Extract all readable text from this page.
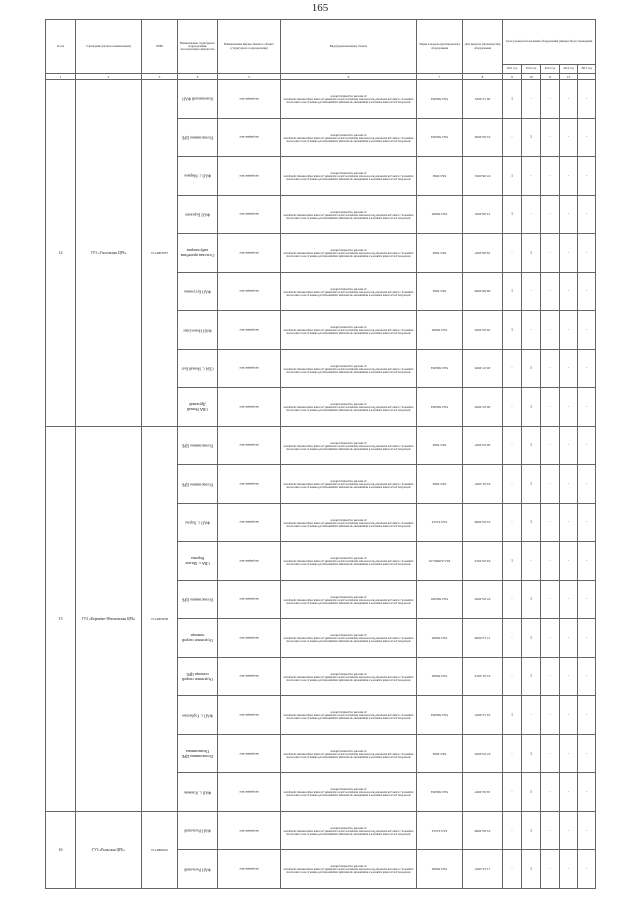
165
№ п/п	Учреждение (полное наименование)	ИНН	Наименование структурного подразделения, использующего имущество	Наименование имущественного объекта (структурного подразделения)	Вид (предназначение) объекта	Марка и модель (производитель) оборудования	Дата выпуска (производства) оборудования	Срок (сроки) использования оборудования (имущества) в учреждении				
								2011 год	2012 год	2013 год	2014 год	2015 год
1	2	3	4	5	6	7	8	9	10	11	12	
14	ГУЗ «Ухоловская ЦРБ»	7214003057	Ключевской ФАП	медицинское	автомобиль для доставки пациентов в медицинские организации, медицинских работников до места жительства пациентов, а также для перевозки биологических материалов для исследований, доставки лекарственных препаратов до жителей отдаленных районов	УАЗ 396294	20.12.2001	1	-	-	-	-

			Поликлиника ЦРБ	медицинское	автомобиль для доставки пациентов в медицинские организации, медицинских работников до места жительства пациентов, а также для перевозки биологических материалов для исследований, доставки лекарственных препаратов до жителей отдаленных районов	УАЗ 396294	25.04.2002	-	1	-	-	-

			ФАП с. Мирное	медицинское	автомобиль для доставки пациентов в медицинские организации, медицинских работников до места жительства пациентов, а также для перевозки биологических материалов для исследований, доставки лекарственных препаратов до жителей отдаленных районов	УАЗ 3962	07.08.2001	1	-	-	-	-

			ФАП Березово	медицинское	автомобиль для доставки пациентов в медицинские организации, медицинских работников до места жительства пациентов, а также для перевозки биологических материалов для исследований, доставки лекарственных препаратов до жителей отдаленных районов	УАЗ 39629	15.06.2001	1	-	-	-	-

			Сельская врачебная амбулатория	медицинское	автомобиль для доставки пациентов в медицинские организации, медицинских работников до места жительства пациентов, а также для перевозки биологических материалов для исследований, доставки лекарственных препаратов до жителей отдаленных районов	УАЗ 3962	19.06.2007	-	1	-	-	-

			ФАП Бугулевка	медицинское	автомобиль для доставки пациентов в медицинские организации, медицинских работников до места жительства пациентов, а также для перевозки биологических материалов для исследований, доставки лекарственных препаратов до жителей отдаленных районов	УАЗ 3962	08.08.2000	1	-	-	-	-

			ФАП Новосёлки	медицинское	автомобиль для доставки пациентов в медицинские организации, медицинских работников до места жительства пациентов, а также для перевозки биологических материалов для исследований, доставки лекарственных препаратов до жителей отдаленных районов	УАЗ 39629	10.05.2003	1	-	-	-	-

			СВА с. Новый Быт	медицинское	автомобиль для доставки пациентов в медицинские организации, медицинских работников до места жительства пациентов, а также для перевозки биологических материалов для исследований, доставки лекарственных препаратов до жителей отдаленных районов	УАЗ 396294	20.07.2005	-	1	-	-	-

			СВА Новый Дружный	медицинское	автомобиль для доставки пациентов в медицинские организации, медицинских работников до места жительства пациентов, а также для перевозки биологических материалов для исследований, доставки лекарственных препаратов до жителей отдаленных районов	УАЗ 396294	20.07.2005	-	1	-	-	-
15	ГУЗ «Коренёво-Яблоновская ЦРБ»	7214003058	Поликлиника ЦРБ	медицинское	автомобиль для доставки пациентов в медицинские организации, медицинских работников до места жительства пациентов, а также для перевозки биологических материалов для исследований, доставки лекарственных препаратов до жителей отдаленных районов	УАЗ 3962	20.03.2007	-	1	-	-	-

			Поликлиника ЦРБ	медицинское	автомобиль для доставки пациентов в медицинские организации, медицинских работников до места жительства пациентов, а также для перевозки биологических материалов для исследований, доставки лекарственных препаратов до жителей отдаленных районов	УАЗ 3962	22.01.2007	-	1	-	-	-

			ФАП с. Хорлы	медицинское	автомобиль для доставки пациентов в медицинские организации, медицинских работников до места жительства пациентов, а также для перевозки биологических материалов для исследований, доставки лекарственных препаратов до жителей отдаленных районов	ГАЗ 32214	01.03.2006	-	1	-	-	-

			СВА с. Малые Коровы	медицинское	автомобиль для доставки пациентов в медицинские организации, медицинских работников до места жительства пациентов, а также для перевозки биологических материалов для исследований, доставки лекарственных препаратов до жителей отдаленных районов	УАЗ 220695-01	03.03.2010	1	-	-	-	-

			Поликлиника ЦРБ	медицинское	автомобиль для доставки пациентов в медицинские организации, медицинских работников до места жительства пациентов, а также для перевозки биологических материалов для исследований, доставки лекарственных препаратов до жителей отдаленных районов	УАЗ 396295	07.03.2005	-	1	-	-	-

			Отделение скорой помощи	медицинское	автомобиль для доставки пациентов в медицинские организации, медицинских работников до места жительства пациентов, а также для перевозки биологических материалов для исследований, доставки лекарственных препаратов до жителей отдаленных районов	УАЗ 39629	17.12.2009	-	1	-	-	-

			Отделение скорой помощи ЦРБ	медицинское	автомобиль для доставки пациентов в медицинские организации, медицинских работников до места жительства пациентов, а также для перевозки биологических материалов для исследований, доставки лекарственных препаратов до жителей отдаленных районов	УАЗ 39629	01.01.2010	-	1	-	-	-

			ФАП с. Горбатово	медицинское	автомобиль для доставки пациентов в медицинские организации, медицинских работников до места жительства пациентов, а также для перевозки биологических материалов для исследований, доставки лекарственных препаратов до жителей отдаленных районов	УАЗ 396294	25.12.2007	1	-	-	-	-

			Поликлиника ЦРБ Поликлиника	медицинское	автомобиль для доставки пациентов в медицинские организации, медицинских работников до места жительства пациентов, а также для перевозки биологических материалов для исследований, доставки лекарственных препаратов до жителей отдаленных районов	УАЗ 3962	07.03.2005	-	1	-	-	-

			ФАП с. Клевень	медицинское	автомобиль для доставки пациентов в медицинские организации, медицинских работников до места жительства пациентов, а также для перевозки биологических материалов для исследований, доставки лекарственных препаратов до жителей отдаленных районов	УАЗ 396294	16.02.2007	-	1	-	-	-
16	ГУЗ «Рыльская ЦРБ»	7214000041	ФАП Рыльский	медицинское	автомобиль для доставки пациентов в медицинские организации, медицинских работников до места жительства пациентов, а также для перевозки биологических материалов для исследований, доставки лекарственных препаратов до жителей отдаленных районов	ГАЗ 32214	25.04.2006	-	1	-	-	-

			ФАП Рыльский	медицинское	автомобиль для доставки пациентов в медицинские организации, медицинских работников до места жительства пациентов, а также для перевозки биологических материалов для исследований, доставки лекарственных препаратов до жителей отдаленных районов	УАЗ 39629	11.12.2007	-	1	-	-	-
